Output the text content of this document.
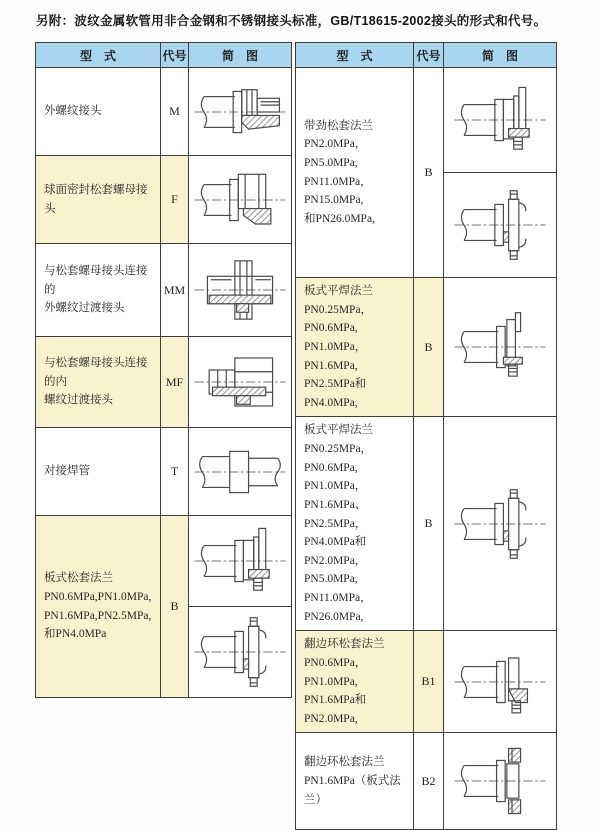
另附：波纹金属软管用非合金钢和不锈钢接头标准，GB/T18615-2002接头的形式和代号。
型　式	代号	简　图

外螺纹接头	M	

球面密封松套螺母接头	F	

与松套螺母接头连接的
外螺纹过渡接头	MM	

与松套螺母接头连接的内
螺纹过渡接头	MF	

对接焊管	T	

板式松套法兰
PN0.6MPa,PN1.0MPa,
PN1.6MPa,PN2.5MPa,
和PN4.0MPa	B	

型　式	代号	简　图

带劲松套法兰
PN2.0MPa，PN5.0MPa,
PN11.0MPa，PN15.0MPa,
和PN26.0MPa,	B	

板式平焊法兰
PN0.25MPa，PN0.6MPa,
PN1.0MPa，PN1.6MPa,
PN2.5MPa和PN4.0MPa,	B	

板式平焊法兰
PN0.25MPa，PN0.6MPa,
PN1.0MPa，PN1.6MPa、
PN2.5MPa，PN4.0MPa和
PN2.0MPa，PN5.0MPa,
PN11.0MPa，PN26.0MPa,
	B	

翻边环松套法兰
PN0.6MPa，PN1.0MPa,
PN1.6MPa和PN2.0MPa,	B1	

翻边环松套法兰
PN1.6MPa（板式法兰）	B2	
